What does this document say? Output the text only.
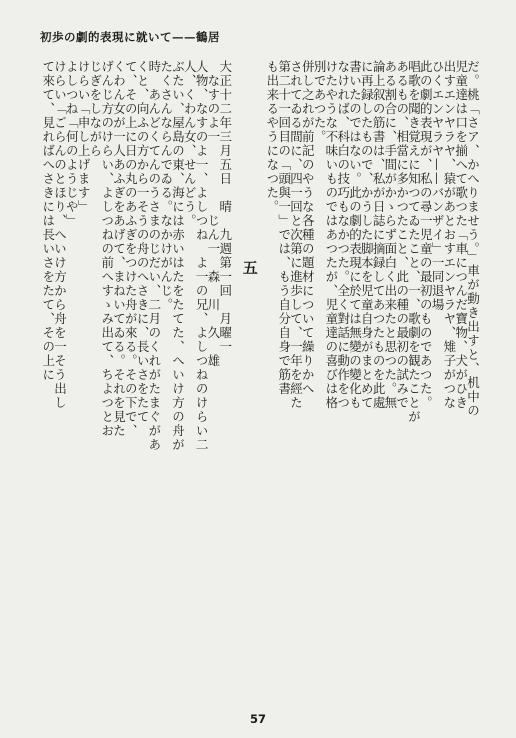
初歩の劇的表現に就いて——鶴居
だ。桃「さア、かへりませう。」車が動き出すと、机中の
児童達は口を揃へて歌つた「車につんだ寶物、犬がひき
出すエンヤラヤ、猿があとおすエンヤラヤ、雉子がつな
ひくエンヤラヤ——バンザイ」一同退場
此の劇的表現が、私の尋一児童の最初のものであつた。
唱歌を聞き覚えに知つてゐたこと、一、歌劇を観たことが
あるもの、相當に多かつたこと、此の種の最初の試みで
ある割合に、手間がかゝらず面白く出来たと思つた。無
論上叙の筋書は、私が日誌に摘録してあつたものを此處
に再録したもので、かうした脚本を児童自身がまとめて
書いたのではない。此の劇的表現に於ては無變の變化も
なければ、科白の技巧もなかつた。全く對話に動作をつ
けたやうな不味いものではあつたが、児童達の喜びは格
別であつた。
併し之れが前記のやうな各種の題材について繰りかへ
されてゐる間に、四一回と次第に進歩して、一年を經た
第二十一回目の「頭與一」では、もう自分自身で筋書
も出来るやうになつた。
五
大正十二年三月五日　晴　九週第一回　月曜一
　なすのよ一　　　　　じん一　森　川　久　雄
人物、なすのよ一、よしつね　よ一の兄、よしつねのけらい二
人、くわん女、せんどう。
ぶたい、屋島の東、海には赤いはたをたてた、へいけ方の舟が
たくさんならんでゐる。なかけがんじ。
時　あんどくてんのうさまのじだい、二月のくれがたまぐがあ
くと、向ふの方から一そうの舟のへさきに、長いさをたて
て、その上に日の丸のあふぎをつけた舟が來る。その下で、
くわん女が一人あふぎをあげて、まねいてゐる。それを見た
げんじ方のけらい、よしつねの前へすゝみ出て、ちよつとお
じぎをしながら
けらい「申し上げます」
よしつね「何のようじや」
けらい「ごらんのとほり、へいけ方から舟を一そう出し
て來て、見ればへさきには長いさをたて、その上に
57
